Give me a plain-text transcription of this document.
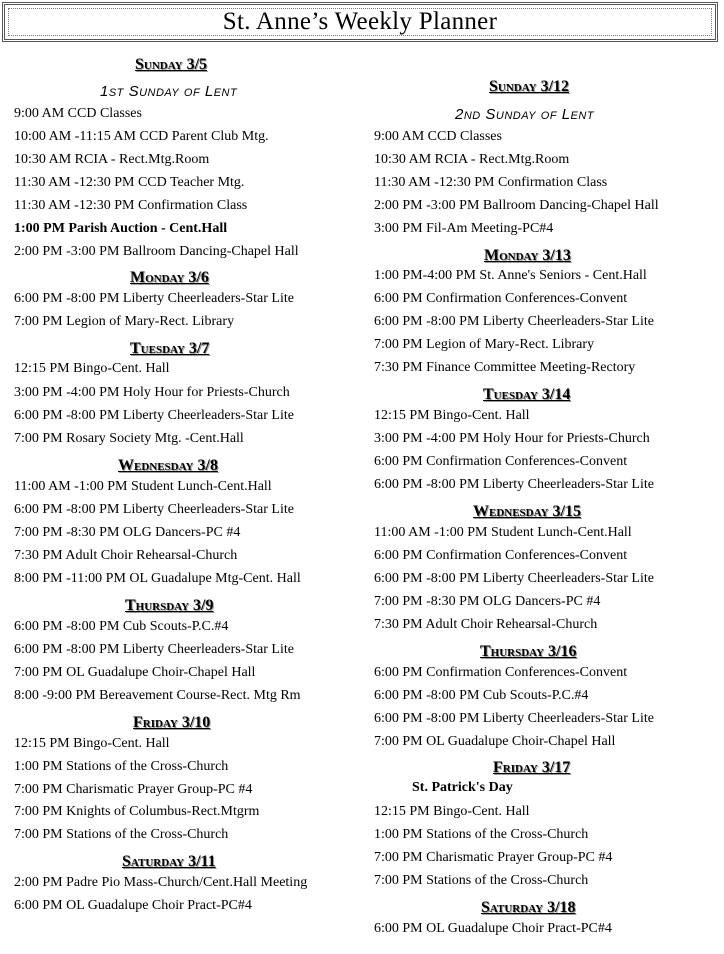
St. Anne’s Weekly Planner
Sunday 3/5
1st Sunday of Lent
9:00 AM CCD Classes
10:00 AM -11:15 AM CCD Parent Club Mtg.
10:30 AM RCIA - Rect.Mtg.Room
11:30 AM -12:30 PM CCD Teacher Mtg.
11:30 AM -12:30 PM Confirmation Class
1:00 PM Parish Auction - Cent.Hall
2:00 PM -3:00 PM Ballroom Dancing-Chapel Hall
Monday 3/6
6:00 PM -8:00 PM Liberty Cheerleaders-Star Lite
7:00 PM Legion of Mary-Rect. Library
Tuesday 3/7
12:15 PM Bingo-Cent. Hall
3:00 PM -4:00 PM Holy Hour for Priests-Church
6:00 PM -8:00 PM Liberty Cheerleaders-Star Lite
7:00 PM Rosary Society Mtg. -Cent.Hall
Wednesday 3/8
11:00 AM -1:00 PM Student Lunch-Cent.Hall
6:00 PM -8:00 PM Liberty Cheerleaders-Star Lite
7:00 PM -8:30 PM OLG Dancers-PC #4
7:30 PM Adult Choir Rehearsal-Church
8:00 PM -11:00 PM OL Guadalupe Mtg-Cent. Hall
Thursday 3/9
6:00 PM -8:00 PM Cub Scouts-P.C.#4
6:00 PM -8:00 PM Liberty Cheerleaders-Star Lite
7:00 PM OL Guadalupe Choir-Chapel Hall
8:00 -9:00 PM Bereavement Course-Rect. Mtg Rm
Friday 3/10
12:15 PM Bingo-Cent. Hall
1:00 PM Stations of the Cross-Church
7:00 PM Charismatic Prayer Group-PC #4
7:00 PM Knights of Columbus-Rect.Mtgrm
7:00 PM Stations of the Cross-Church
Saturday 3/11
2:00 PM Padre Pio Mass-Church/Cent.Hall Meeting
6:00 PM OL Guadalupe Choir Pract-PC#4
Sunday 3/12
2nd Sunday of Lent
9:00 AM CCD Classes
10:30 AM RCIA - Rect.Mtg.Room
11:30 AM -12:30 PM Confirmation Class
2:00 PM -3:00 PM Ballroom Dancing-Chapel Hall
3:00 PM Fil-Am Meeting-PC#4
Monday 3/13
1:00 PM-4:00 PM St. Anne's Seniors - Cent.Hall
6:00 PM Confirmation Conferences-Convent
6:00 PM -8:00 PM Liberty Cheerleaders-Star Lite
7:00 PM Legion of Mary-Rect. Library
7:30 PM Finance Committee Meeting-Rectory
Tuesday 3/14
12:15 PM Bingo-Cent. Hall
3:00 PM -4:00 PM Holy Hour for Priests-Church
6:00 PM Confirmation Conferences-Convent
6:00 PM -8:00 PM Liberty Cheerleaders-Star Lite
Wednesday 3/15
11:00 AM -1:00 PM Student Lunch-Cent.Hall
6:00 PM Confirmation Conferences-Convent
6:00 PM -8:00 PM Liberty Cheerleaders-Star Lite
7:00 PM -8:30 PM OLG Dancers-PC #4
7:30 PM Adult Choir Rehearsal-Church
Thursday 3/16
6:00 PM Confirmation Conferences-Convent
6:00 PM -8:00 PM Cub Scouts-P.C.#4
6:00 PM -8:00 PM Liberty Cheerleaders-Star Lite
7:00 PM OL Guadalupe Choir-Chapel Hall
Friday 3/17
St. Patrick's Day
12:15 PM Bingo-Cent. Hall
1:00 PM Stations of the Cross-Church
7:00 PM Charismatic Prayer Group-PC #4
7:00 PM Stations of the Cross-Church
Saturday 3/18
6:00 PM OL Guadalupe Choir Pract-PC#4
